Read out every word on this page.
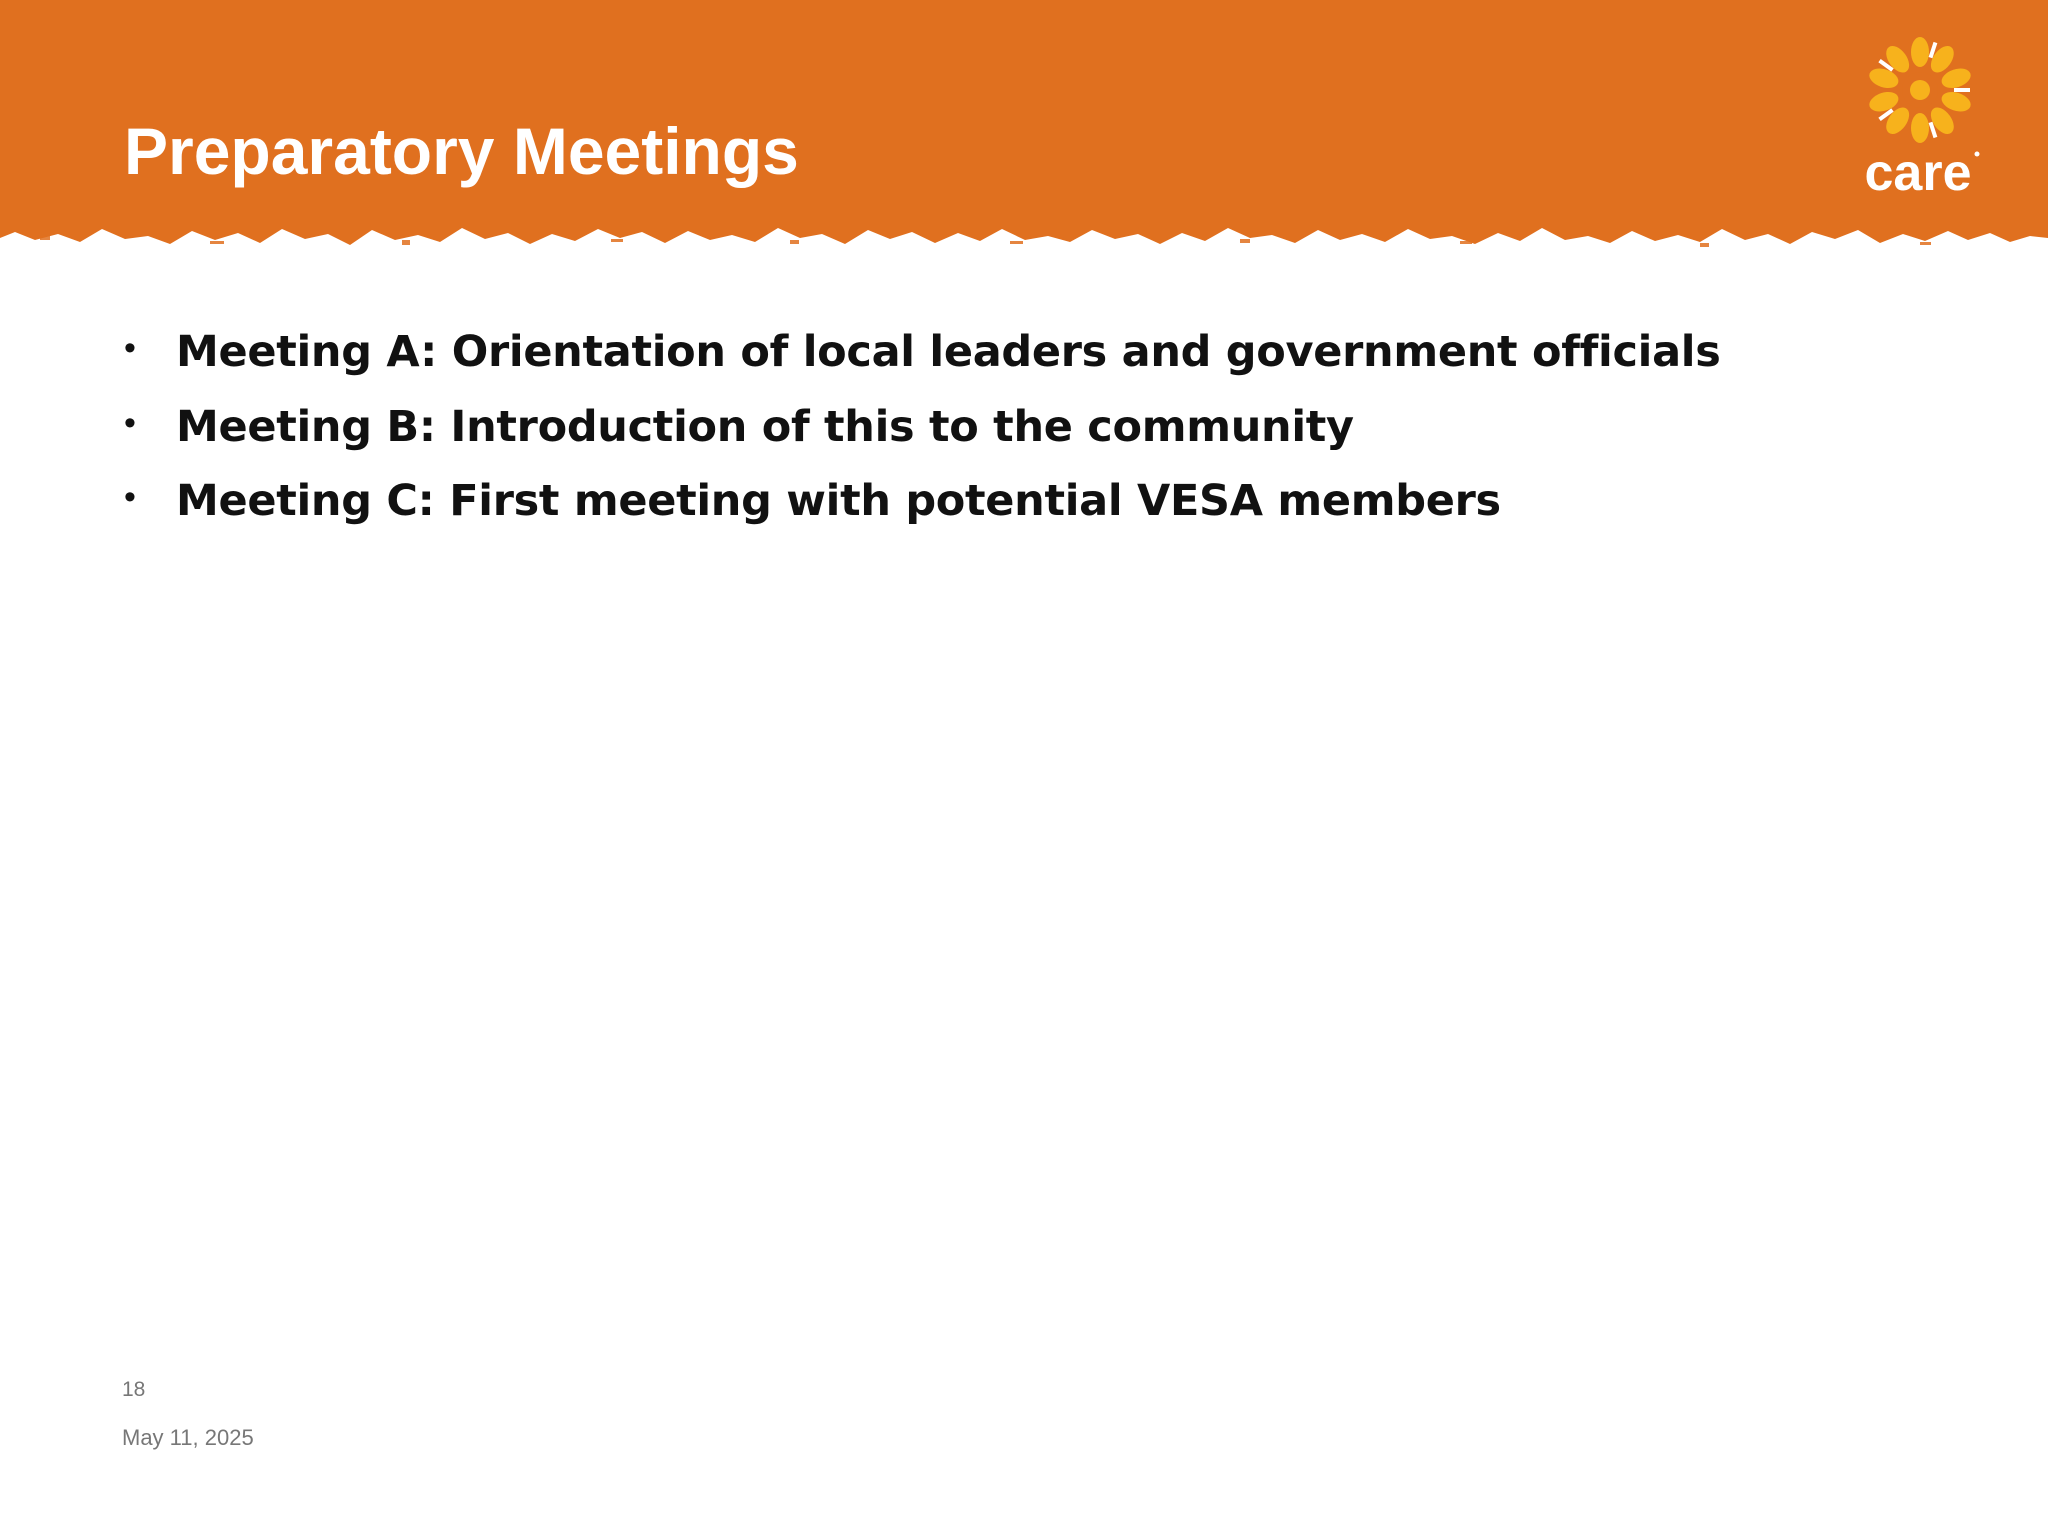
Preparatory Meetings	care
• Meeting A: Orientation of local leaders and government officials
• Meeting B: Introduction of this to the community
• Meeting C: First meeting with potential VESA members
18
May 11, 2025
